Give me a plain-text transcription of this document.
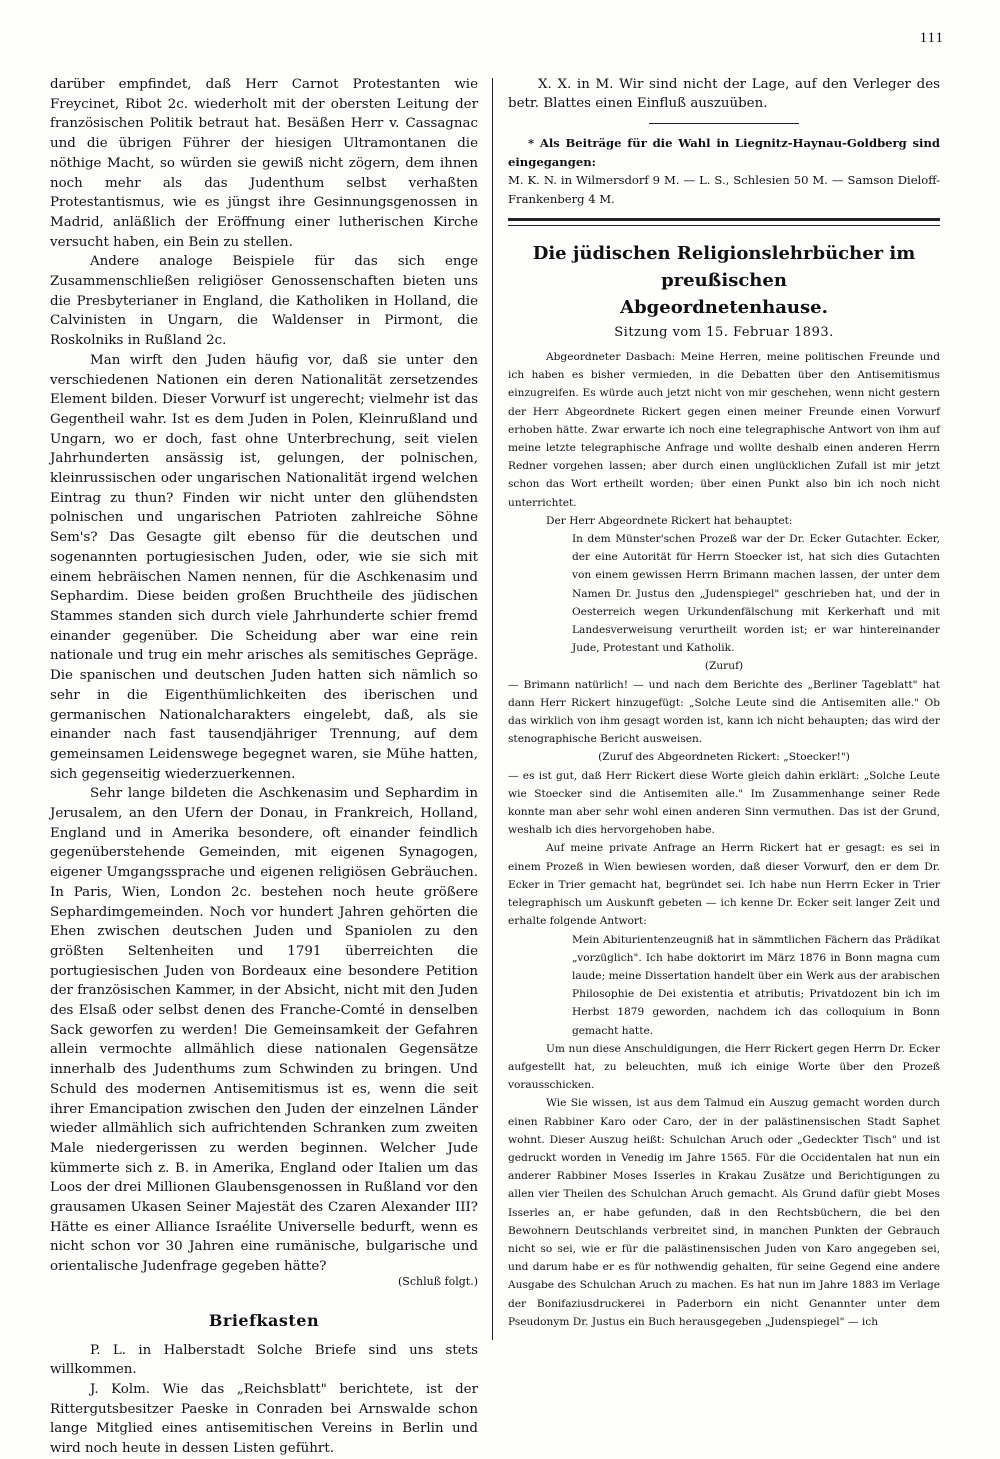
111

darüber empfindet, daß Herr Carnot Protestanten wie Freycinet, Ribot 2c. wiederholt mit der obersten Leitung der französischen Politik betraut hat. Besäßen Herr v. Cassagnac und die übrigen Führer der hiesigen Ultramontanen die nöthige Macht, so würden sie gewiß nicht zögern, dem ihnen noch mehr als das Judenthum selbst verhaßten Protestantismus, wie es jüngst ihre Gesinnungsgenossen in Madrid, anläßlich der Eröffnung einer lutherischen Kirche versucht haben, ein Bein zu stellen.

Andere analoge Beispiele für das sich enge Zusammenschließen religiöser Genossenschaften bieten uns die Presbyterianer in England, die Katholiken in Holland, die Calvinisten in Ungarn, die Waldenser in Pirmont, die Roskolniks in Rußland 2c.

Man wirft den Juden häufig vor, daß sie unter den verschiedenen Nationen ein deren Nationalität zersetzendes Element bilden. Dieser Vorwurf ist ungerecht; vielmehr ist das Gegentheil wahr. Ist es dem Juden in Polen, Kleinrußland und Ungarn, wo er doch, fast ohne Unterbrechung, seit vielen Jahrhunderten ansässig ist, gelungen, der polnischen, kleinrussischen oder ungarischen Nationalität irgend welchen Eintrag zu thun? Finden wir nicht unter den glühendsten polnischen und ungarischen Patrioten zahlreiche Söhne Sem's? Das Gesagte gilt ebenso für die deutschen und sogenannten portugiesischen Juden, oder, wie sie sich mit einem hebräischen Namen nennen, für die Aschkenasim und Sephardim. Diese beiden großen Bruchtheile des jüdischen Stammes standen sich durch viele Jahrhunderte schier fremd einander gegenüber. Die Scheidung aber war eine rein nationale und trug ein mehr arisches als semitisches Gepräge. Die spanischen und deutschen Juden hatten sich nämlich so sehr in die Eigenthümlichkeiten des iberischen und germanischen Nationalcharakters eingelebt, daß, als sie einander nach fast tausendjähriger Trennung, auf dem gemeinsamen Leidenswege begegnet waren, sie Mühe hatten, sich gegenseitig wiederzuerkennen.

Sehr lange bildeten die Aschkenasim und Sephardim in Jerusalem, an den Ufern der Donau, in Frankreich, Holland, England und in Amerika besondere, oft einander feindlich gegenüberstehende Gemeinden, mit eigenen Synagogen, eigener Umgangssprache und eigenen religiösen Gebräuchen. In Paris, Wien, London 2c. bestehen noch heute größere Sephardimgemeinden. Noch vor hundert Jahren gehörten die Ehen zwischen deutschen Juden und Spaniolen zu den größten Seltenheiten und 1791 überreichten die portugiesischen Juden von Bordeaux eine besondere Petition der französischen Kammer, in der Absicht, nicht mit den Juden des Elsaß oder selbst denen des Franche-Comté in denselben Sack geworfen zu werden! Die Gemeinsamkeit der Gefahren allein vermochte allmählich diese nationalen Gegensätze innerhalb des Judenthums zum Schwinden zu bringen. Und Schuld des modernen Antisemitismus ist es, wenn die seit ihrer Emancipation zwischen den Juden der einzelnen Länder wieder allmählich sich aufrichtenden Schranken zum zweiten Male niedergerissen zu werden beginnen. Welcher Jude kümmerte sich z. B. in Amerika, England oder Italien um das Loos der drei Millionen Glaubensgenossen in Rußland vor den grausamen Ukasen Seiner Majestät des Czaren Alexander III? Hätte es einer Alliance Israélite Universelle bedurft, wenn es nicht schon vor 30 Jahren eine rumänische, bulgarische und orientalische Judenfrage gegeben hätte?

(Schluß folgt.)
Briefkasten

P. L. in Halberstadt Solche Briefe sind uns stets willkommen.

J. Kolm. Wie das „Reichsblatt" berichtete, ist der Rittergutsbesitzer Paeske in Conraden bei Arnswalde schon lange Mitglied eines antisemitischen Vereins in Berlin und wird noch heute in dessen Listen geführt.

X. X. in M. Wir sind nicht der Lage, auf den Verleger des betr. Blattes einen Einfluß auszuüben.

* Als Beiträge für die Wahl in Liegnitz-Haynau-Goldberg sind eingegangen:

M. K. N. in Wilmersdorf 9 M. — L. S., Schlesien 50 M. — Samson Dieloff-Frankenberg 4 M.

Die jüdischen Religionslehrbücher im preußischen
Abgeordnetenhause.
Sitzung vom 15. Februar 1893.

Abgeordneter Dasbach: Meine Herren, meine politischen Freunde und ich haben es bisher vermieden, in die Debatten über den Antisemitismus einzugreifen. Es würde auch jetzt nicht von mir geschehen, wenn nicht gestern der Herr Abgeordnete Rickert gegen einen meiner Freunde einen Vorwurf erhoben hätte. Zwar erwarte ich noch eine telegraphische Antwort von ihm auf meine letzte telegraphische Anfrage und wollte deshalb einen anderen Herrn Redner vorgehen lassen; aber durch einen unglücklichen Zufall ist mir jetzt schon das Wort ertheilt worden; über einen Punkt also bin ich noch nicht unterrichtet.

Der Herr Abgeordnete Rickert hat behauptet:

In dem Münster'schen Prozeß war der Dr. Ecker Gutachter. Ecker, der eine Autorität für Herrn Stoecker ist, hat sich dies Gutachten von einem gewissen Herrn Brimann machen lassen, der unter dem Namen Dr. Justus den „Judenspiegel" geschrieben hat, und der in Oesterreich wegen Urkundenfälschung mit Kerkerhaft und mit Landesverweisung verurtheilt worden ist; er war hintereinander Jude, Protestant und Katholik.

(Zuruf)

— Brimann natürlich! — und nach dem Berichte des „Berliner Tageblatt" hat dann Herr Rickert hinzugefügt: „Solche Leute sind die Antisemiten alle." Ob das wirklich von ihm gesagt worden ist, kann ich nicht behaupten; das wird der stenographische Bericht ausweisen.

(Zuruf des Abgeordneten Rickert: „Stoecker!")

— es ist gut, daß Herr Rickert diese Worte gleich dahin erklärt: „Solche Leute wie Stoecker sind die Antisemiten alle." Im Zusammenhange seiner Rede konnte man aber sehr wohl einen anderen Sinn vermuthen. Das ist der Grund, weshalb ich dies hervorgehoben habe.

Auf meine private Anfrage an Herrn Rickert hat er gesagt: es sei in einem Prozeß in Wien bewiesen worden, daß dieser Vorwurf, den er dem Dr. Ecker in Trier gemacht hat, begründet sei. Ich habe nun Herrn Ecker in Trier telegraphisch um Auskunft gebeten — ich kenne Dr. Ecker seit langer Zeit und erhalte folgende Antwort:

Mein Abiturientenzeugniß hat in sämmtlichen Fächern das Prädikat „vorzüglich". Ich habe doktorirt im März 1876 in Bonn magna cum laude; meine Dissertation handelt über ein Werk aus der arabischen Philosophie de Dei existentia et atributis; Privatdozent bin ich im Herbst 1879 geworden, nachdem ich das colloquium in Bonn gemacht hatte.

Um nun diese Anschuldigungen, die Herr Rickert gegen Herrn Dr. Ecker aufgestellt hat, zu beleuchten, muß ich einige Worte über den Prozeß vorausschicken.

Wie Sie wissen, ist aus dem Talmud ein Auszug gemacht worden durch einen Rabbiner Karo oder Caro, der in der palästinensischen Stadt Saphet wohnt. Dieser Auszug heißt: Schulchan Aruch oder „Gedeckter Tisch" und ist gedruckt worden in Venedig im Jahre 1565. Für die Occidentalen hat nun ein anderer Rabbiner Moses Isserles in Krakau Zusätze und Berichtigungen zu allen vier Theilen des Schulchan Aruch gemacht. Als Grund dafür giebt Moses Isserles an, er habe gefunden, daß in den Rechtsbüchern, die bei den Bewohnern Deutschlands verbreitet sind, in manchen Punkten der Gebrauch nicht so sei, wie er für die palästinensischen Juden von Karo angegeben sei, und darum habe er es für nothwendig gehalten, für seine Gegend eine andere Ausgabe des Schulchan Aruch zu machen. Es hat nun im Jahre 1883 im Verlage der Bonifaziusdruckerei in Paderborn ein nicht Genannter unter dem Pseudonym Dr. Justus ein Buch herausgegeben „Judenspiegel" — ich
